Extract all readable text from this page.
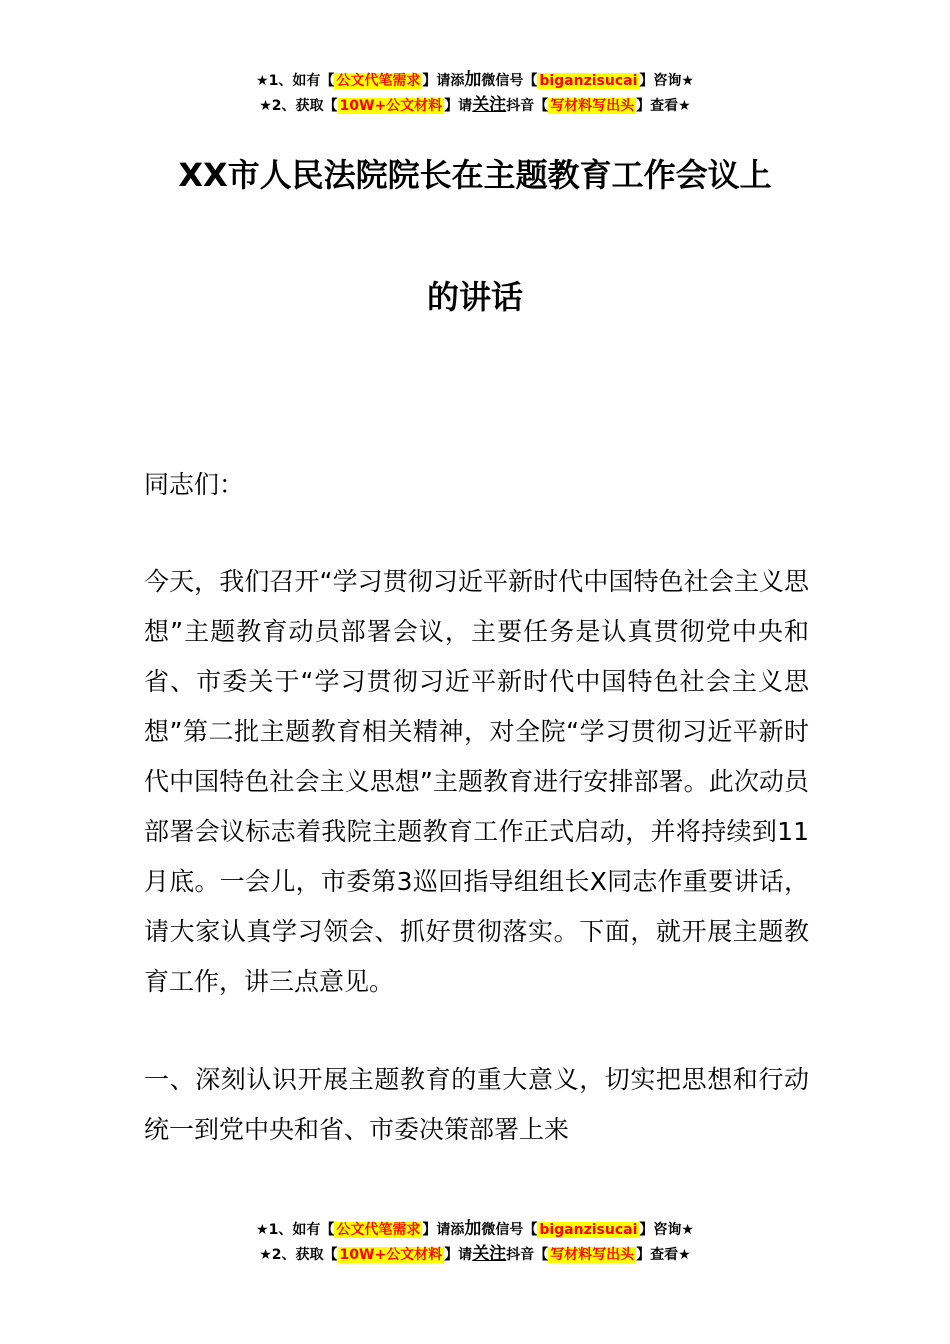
★1、如有【 公文代笔需求 】请添加微信号【 biganzisucai 】咨询★
★2、获取【 10W+公文材料 】请关注抖音【 写材料写出头 】查看★
XX市人民法院院长在主题教育工作会议上
的讲话

同志们：

今天，我们召开“学习贯彻习近平新时代中国特色社会主义思想”主题教育动员部署会议，主要任务是认真贯彻党中央和省、市委关于“学习贯彻习近平新时代中国特色社会主义思想”第二批主题教育相关精神，对全院“学习贯彻习近平新时代中国特色社会主义思想”主题教育进行安排部署。此次动员部署会议标志着我院主题教育工作正式启动，并将持续到11月底。一会儿，市委第3巡回指导组组长X同志作重要讲话，请大家认真学习领会、抓好贯彻落实。下面，就开展主题教育工作，讲三点意见。

一、深刻认识开展主题教育的重大意义，切实把思想和行动统一到党中央和省、市委决策部署上来

★1、如有【 公文代笔需求 】请添加微信号【 biganzisucai 】咨询★
★2、获取【 10W+公文材料 】请关注抖音【 写材料写出头 】查看★
